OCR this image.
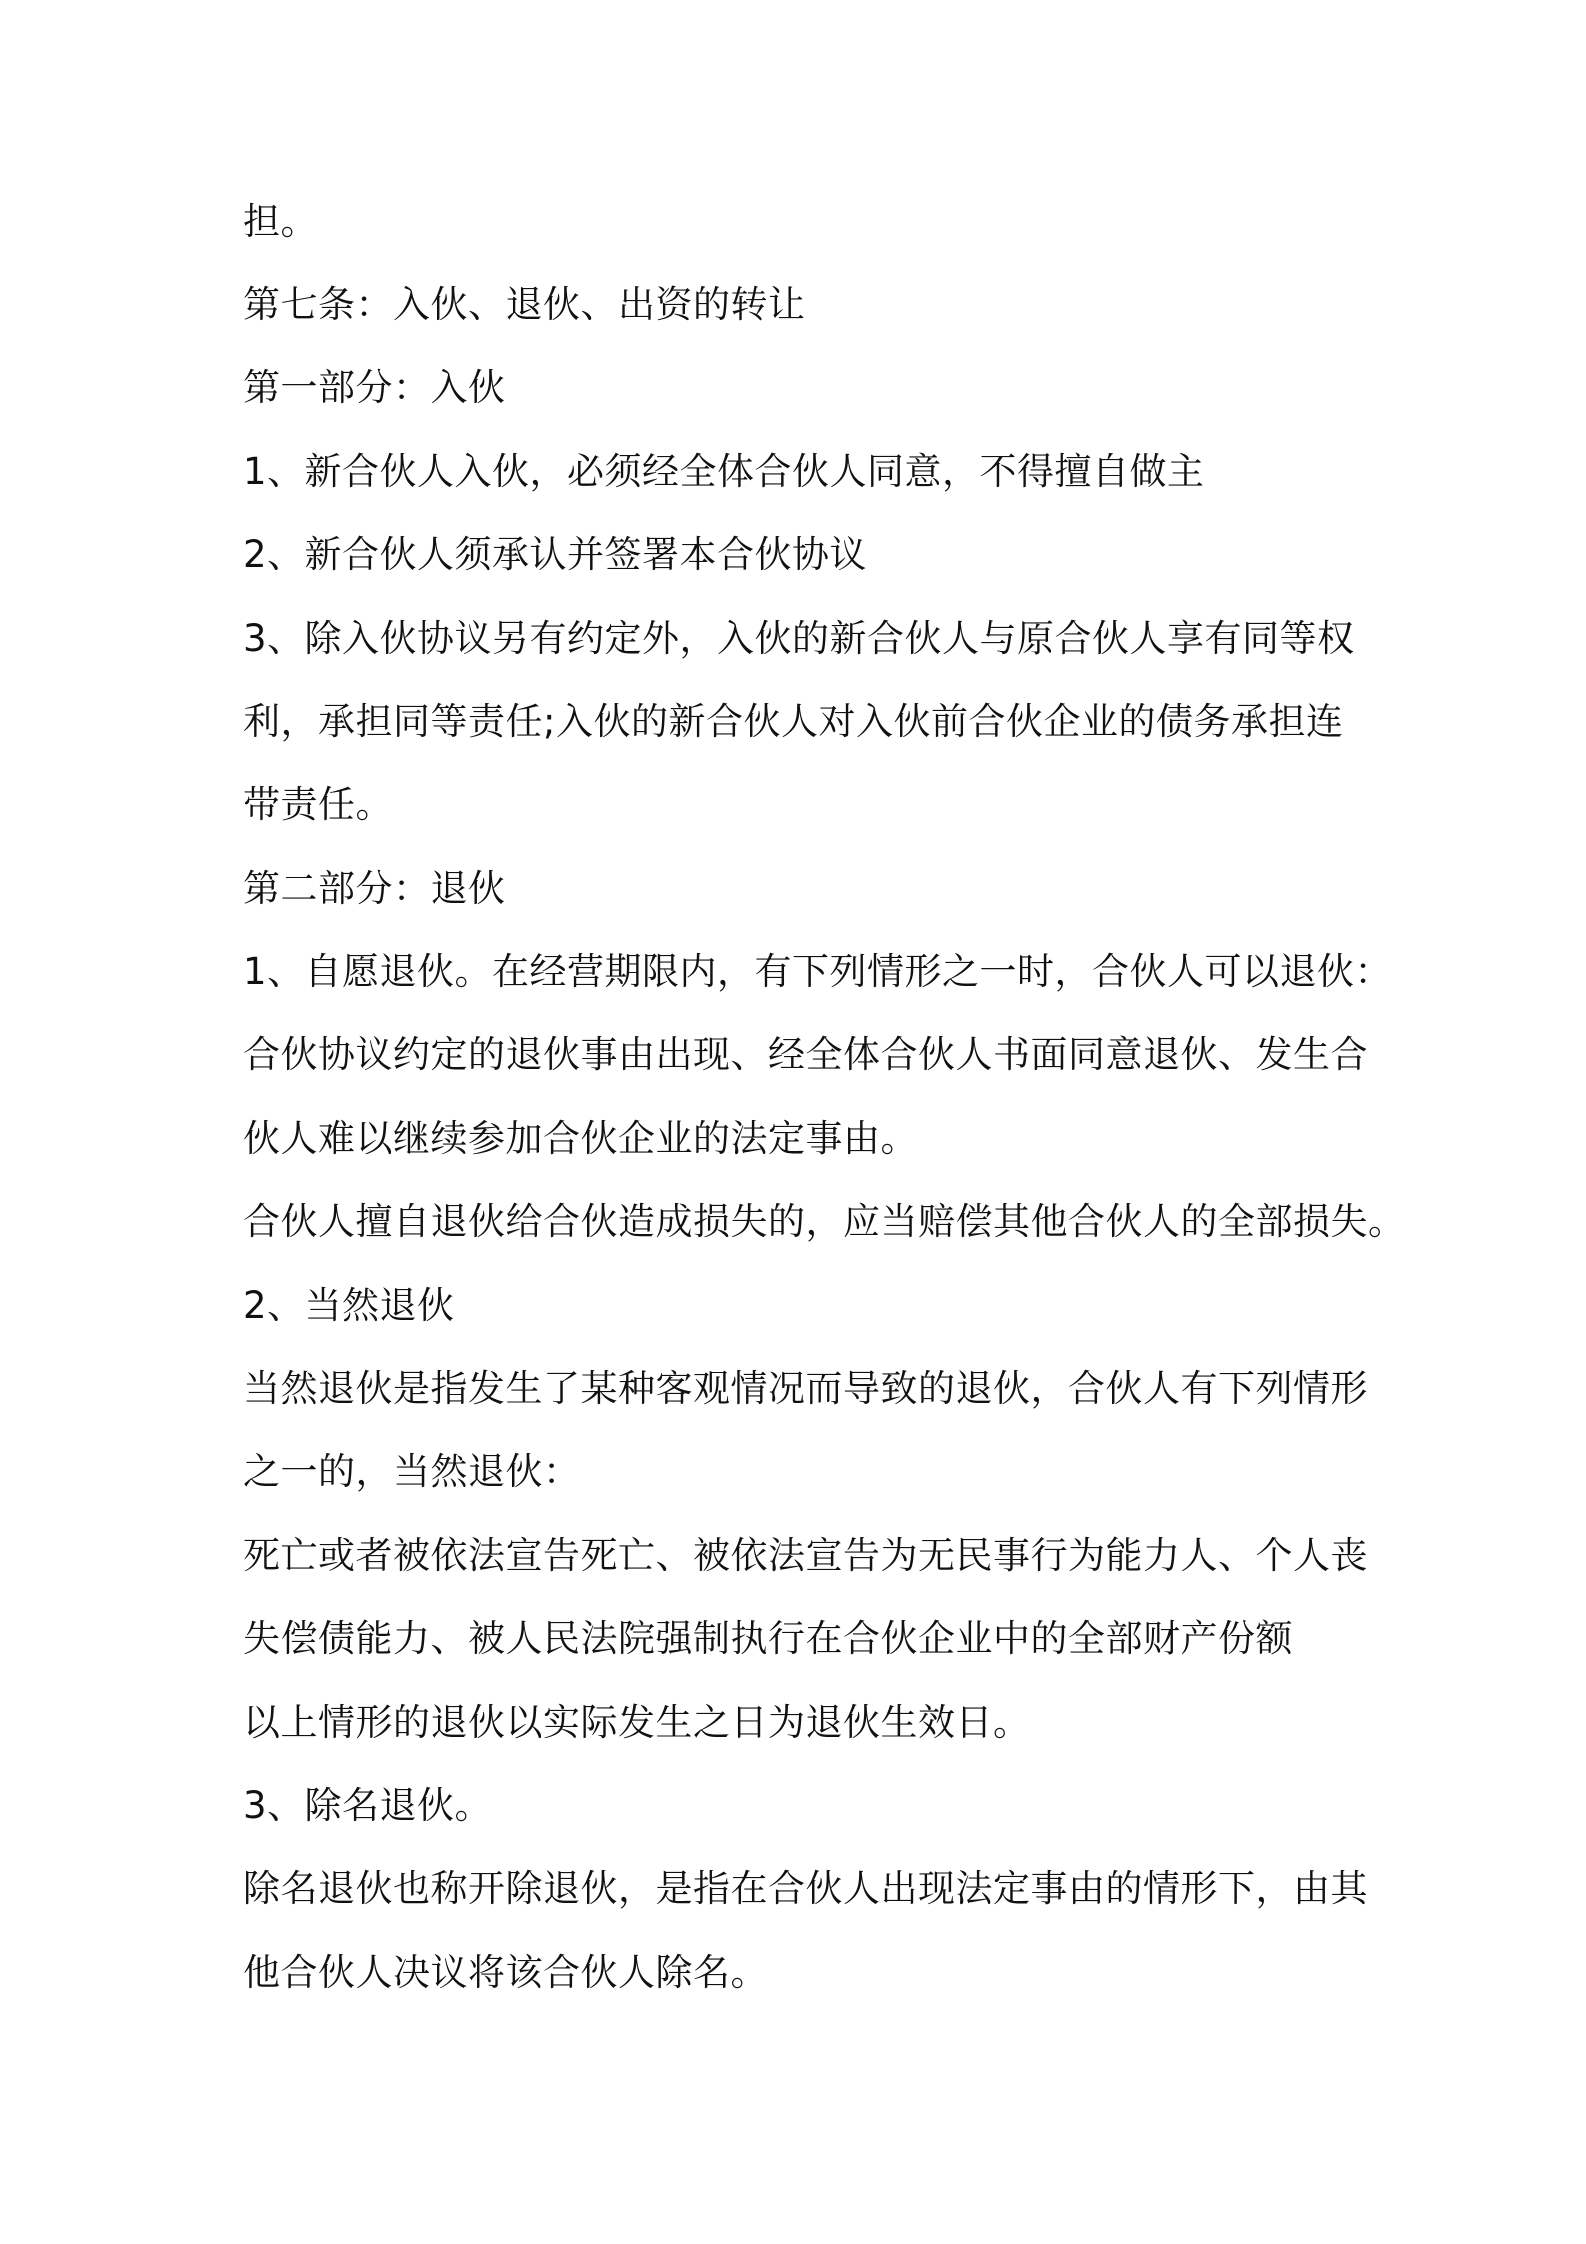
担。
第七条：入伙、退伙、出资的转让
第一部分：入伙
1、新合伙人入伙，必须经全体合伙人同意，不得擅自做主
2、新合伙人须承认并签署本合伙协议
3、除入伙协议另有约定外，入伙的新合伙人与原合伙人享有同等权
利，承担同等责任;入伙的新合伙人对入伙前合伙企业的债务承担连
带责任。
第二部分：退伙
1、自愿退伙。在经营期限内，有下列情形之一时，合伙人可以退伙：
合伙协议约定的退伙事由出现、经全体合伙人书面同意退伙、发生合
伙人难以继续参加合伙企业的法定事由。
合伙人擅自退伙给合伙造成损失的，应当赔偿其他合伙人的全部损失。
2、当然退伙
当然退伙是指发生了某种客观情况而导致的退伙，合伙人有下列情形
之一的，当然退伙：
死亡或者被依法宣告死亡、被依法宣告为无民事行为能力人、个人丧
失偿债能力、被人民法院强制执行在合伙企业中的全部财产份额
以上情形的退伙以实际发生之日为退伙生效日。
3、除名退伙。
除名退伙也称开除退伙，是指在合伙人出现法定事由的情形下，由其
他合伙人决议将该合伙人除名。
